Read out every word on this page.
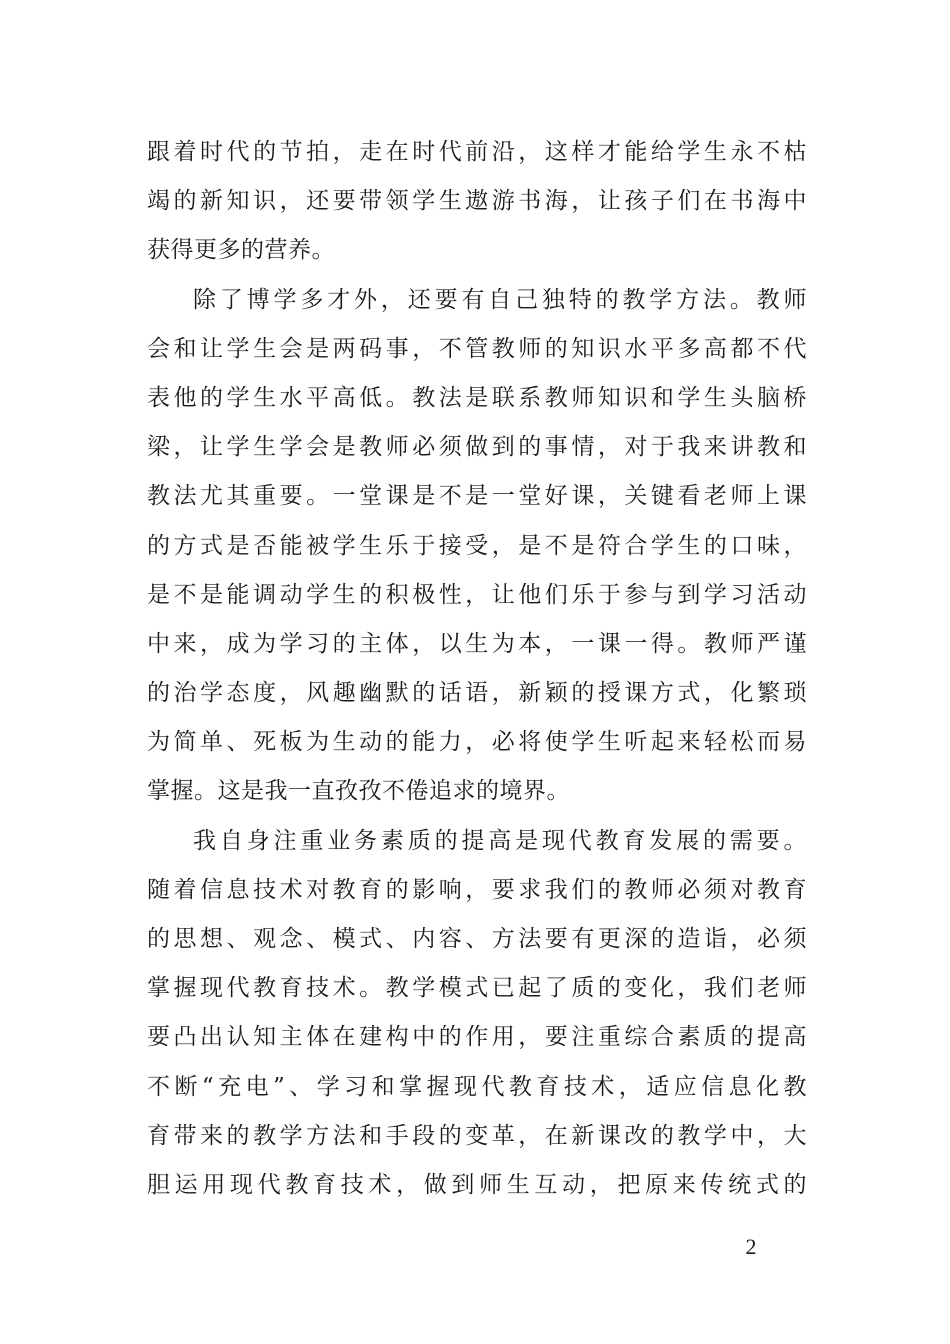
跟着时代的节拍，走在时代前沿，这样才能给学生永不枯
竭的新知识，还要带领学生遨游书海，让孩子们在书海中
获得更多的营养。
除了博学多才外，还要有自己独特的教学方法。教师
会和让学生会是两码事，不管教师的知识水平多高都不代
表他的学生水平高低。教法是联系教师知识和学生头脑桥
梁，让学生学会是教师必须做到的事情，对于我来讲教和
教法尤其重要。一堂课是不是一堂好课，关键看老师上课
的方式是否能被学生乐于接受，是不是符合学生的口味，
是不是能调动学生的积极性，让他们乐于参与到学习活动
中来，成为学习的主体，以生为本，一课一得。教师严谨
的治学态度，风趣幽默的话语，新颖的授课方式，化繁琐
为简单、死板为生动的能力，必将使学生听起来轻松而易
掌握。这是我一直孜孜不倦追求的境界。
我自身注重业务素质的提高是现代教育发展的需要。
随着信息技术对教育的影响，要求我们的教师必须对教育
的思想、观念、模式、内容、方法要有更深的造诣，必须
掌握现代教育技术。教学模式已起了质的变化，我们老师
要凸出认知主体在建构中的作用，要注重综合素质的提高
不断“充电”、学习和掌握现代教育技术，适应信息化教
育带来的教学方法和手段的变革，在新课改的教学中，大
胆运用现代教育技术，做到师生互动，把原来传统式的
2
